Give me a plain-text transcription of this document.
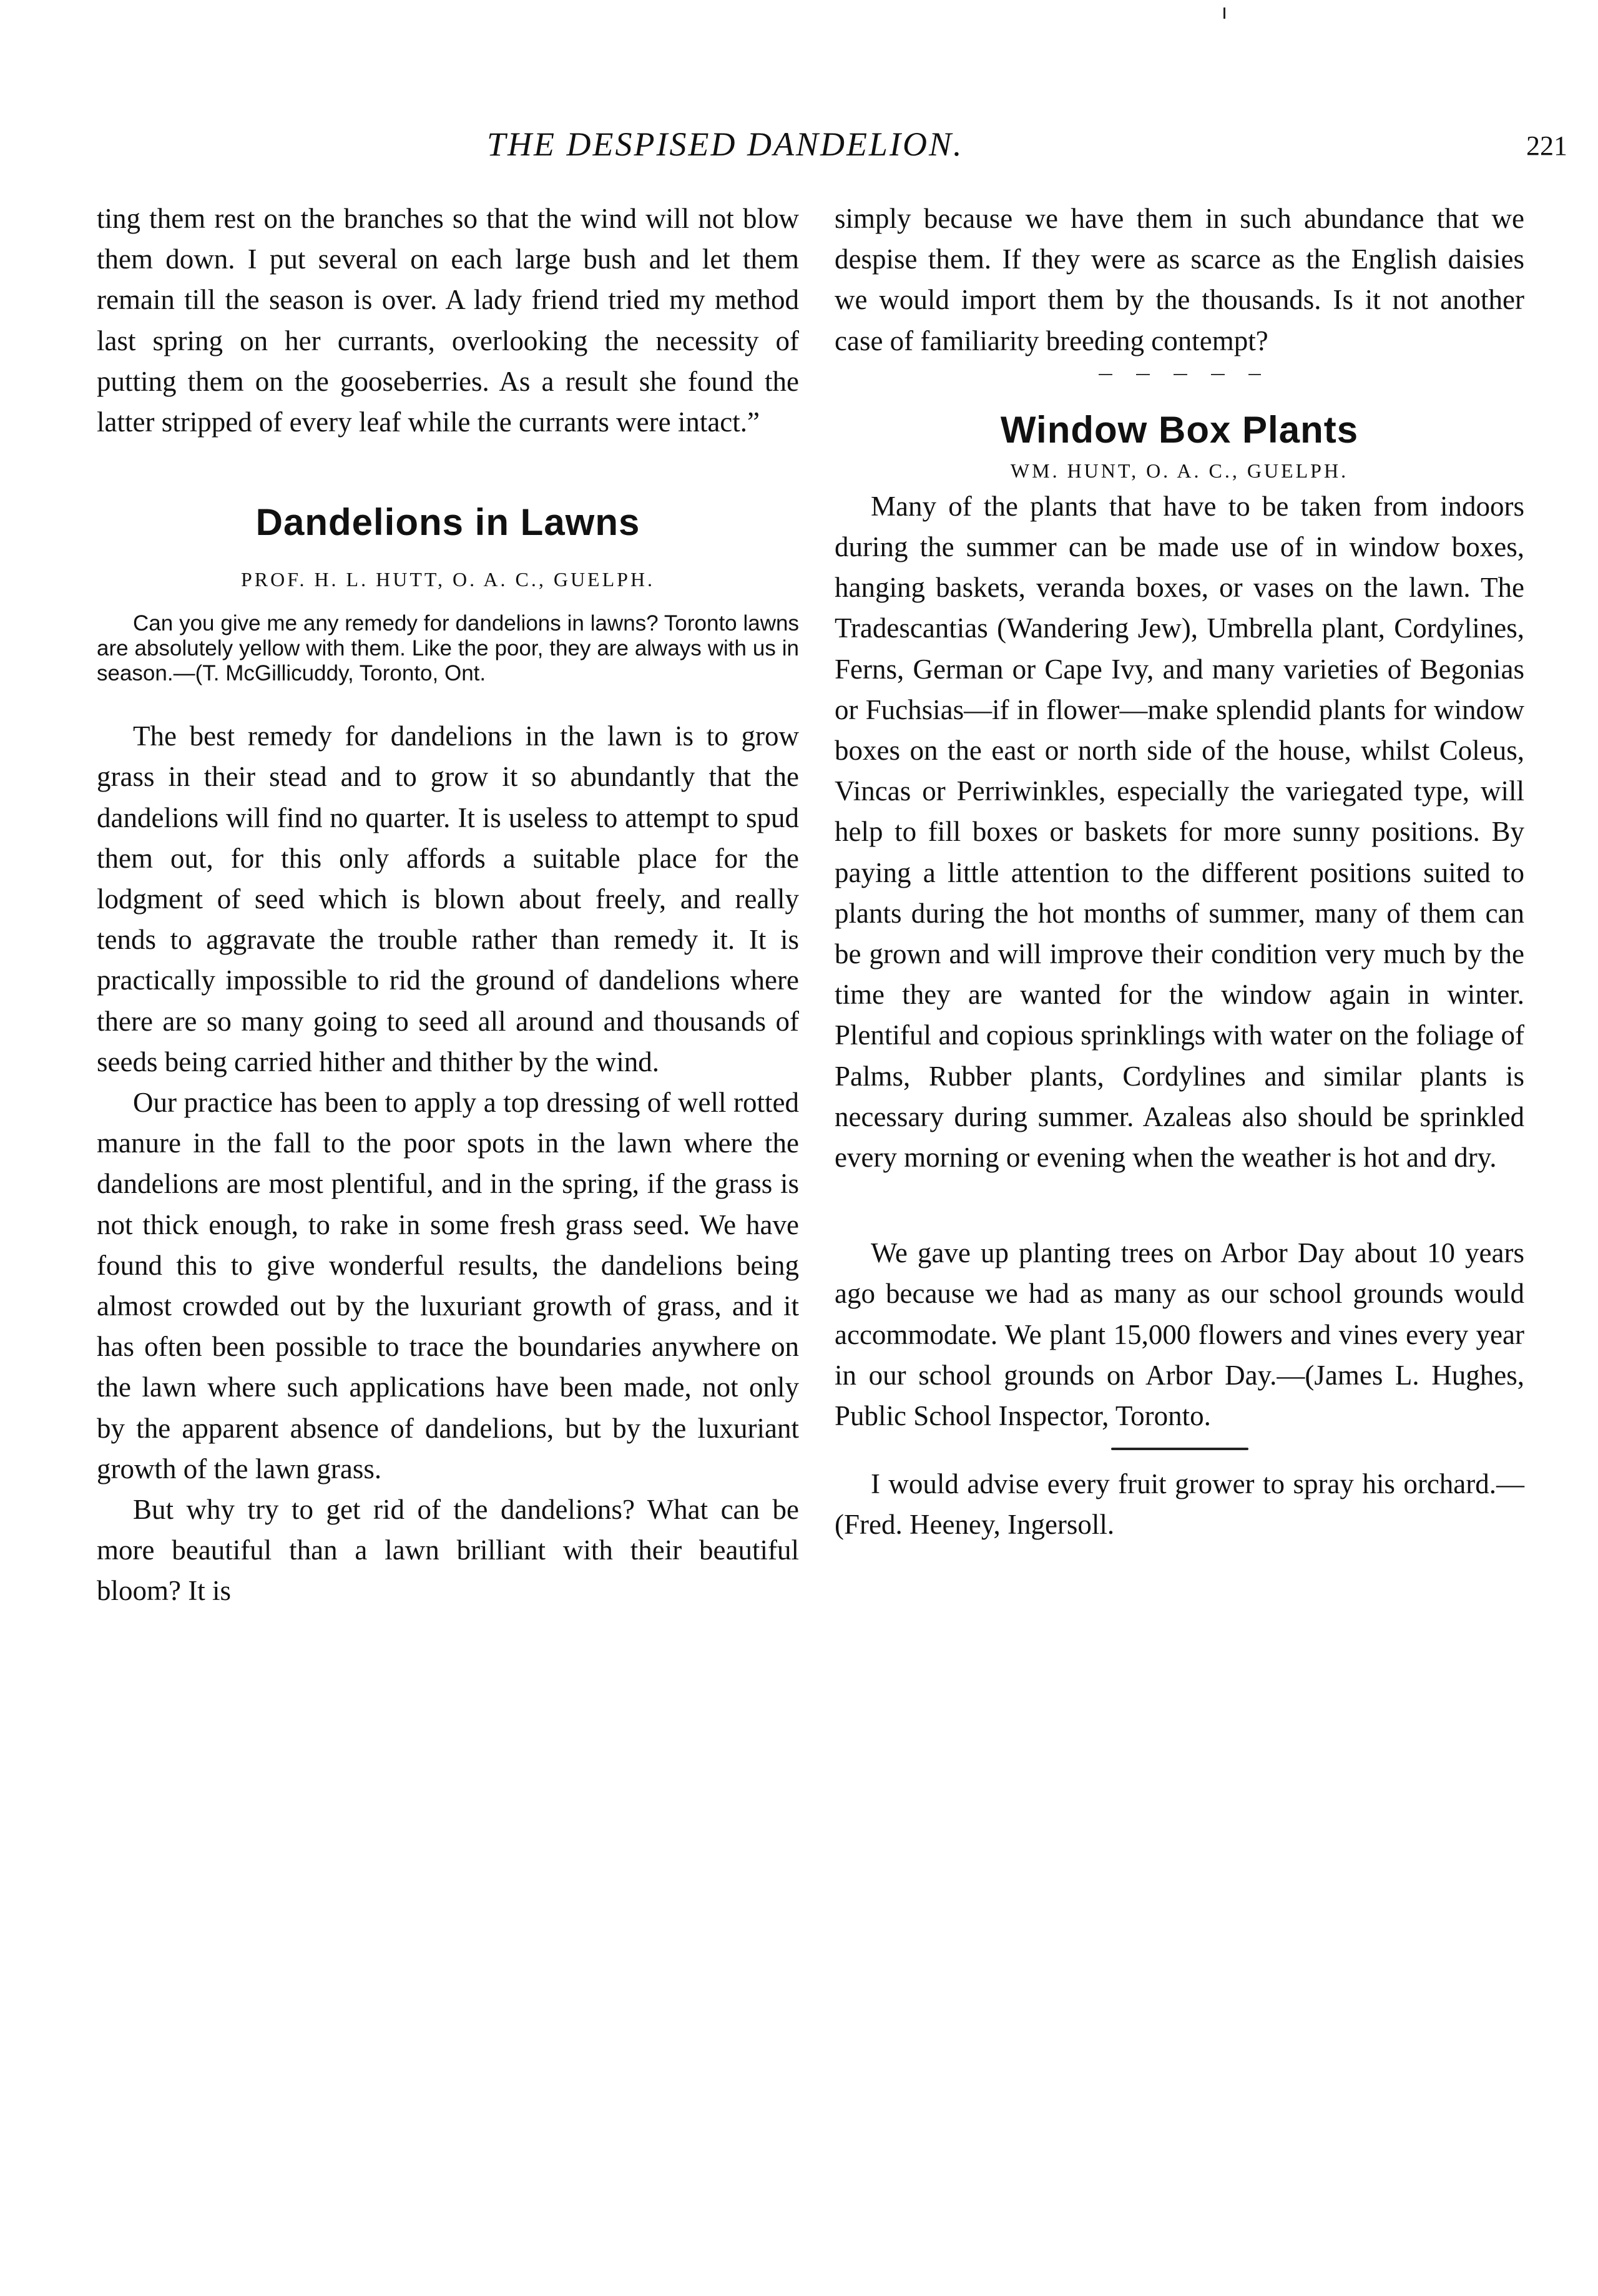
THE DESPISED DANDELION.	221

ting them rest on the branches so that the wind will not blow them down. I put several on each large bush and let them remain till the season is over. A lady friend tried my method last spring on her currants, overlooking the necessity of putting them on the gooseberries. As a result she found the latter stripped of every leaf while the currants were intact.”

Dandelions in Lawns
PROF. H. L. HUTT, O. A. C., GUELPH.

Can you give me any remedy for dandelions in lawns? Toronto lawns are absolutely yellow with them. Like the poor, they are always with us in season.—(T. McGillicuddy, Toronto, Ont.

The best remedy for dandelions in the lawn is to grow grass in their stead and to grow it so abundantly that the dandelions will find no quarter. It is useless to attempt to spud them out, for this only affords a suitable place for the lodgment of seed which is blown about freely, and really tends to aggravate the trouble rather than remedy it. It is practically impossible to rid the ground of dandelions where there are so many going to seed all around and thousands of seeds being carried hither and thither by the wind.

Our practice has been to apply a top dressing of well rotted manure in the fall to the poor spots in the lawn where the dandelions are most plentiful, and in the spring, if the grass is not thick enough, to rake in some fresh grass seed. We have found this to give wonderful results, the dandelions being almost crowded out by the luxuriant growth of grass, and it has often been possible to trace the boundaries anywhere on the lawn where such applications have been made, not only by the apparent absence of dandelions, but by the luxuriant growth of the lawn grass.

But why try to get rid of the dandelions? What can be more beautiful than a lawn brilliant with their beautiful bloom? It is

simply because we have them in such abundance that we despise them. If they were as scarce as the English daisies we would import them by the thousands. Is it not another case of familiarity breeding contempt?

Window Box Plants
WM. HUNT, O. A. C., GUELPH.

Many of the plants that have to be taken from indoors during the summer can be made use of in window boxes, hanging baskets, veranda boxes, or vases on the lawn. The Tradescantias (Wandering Jew), Umbrella plant, Cordylines, Ferns, German or Cape Ivy, and many varieties of Begonias or Fuchsias—if in flower—make splendid plants for window boxes on the east or north side of the house, whilst Coleus, Vincas or Perriwinkles, especially the variegated type, will help to fill boxes or baskets for more sunny positions. By paying a little attention to the different positions suited to plants during the hot months of summer, many of them can be grown and will improve their condition very much by the time they are wanted for the window again in winter. Plentiful and copious sprinklings with water on the foliage of Palms, Rubber plants, Cordylines and similar plants is necessary during summer. Azaleas also should be sprinkled every morning or evening when the weather is hot and dry.

We gave up planting trees on Arbor Day about 10 years ago because we had as many as our school grounds would accommodate. We plant 15,000 flowers and vines every year in our school grounds on Arbor Day.—(James L. Hughes, Public School Inspector, Toronto.

I would advise every fruit grower to spray his orchard.—(Fred. Heeney, Ingersoll.
